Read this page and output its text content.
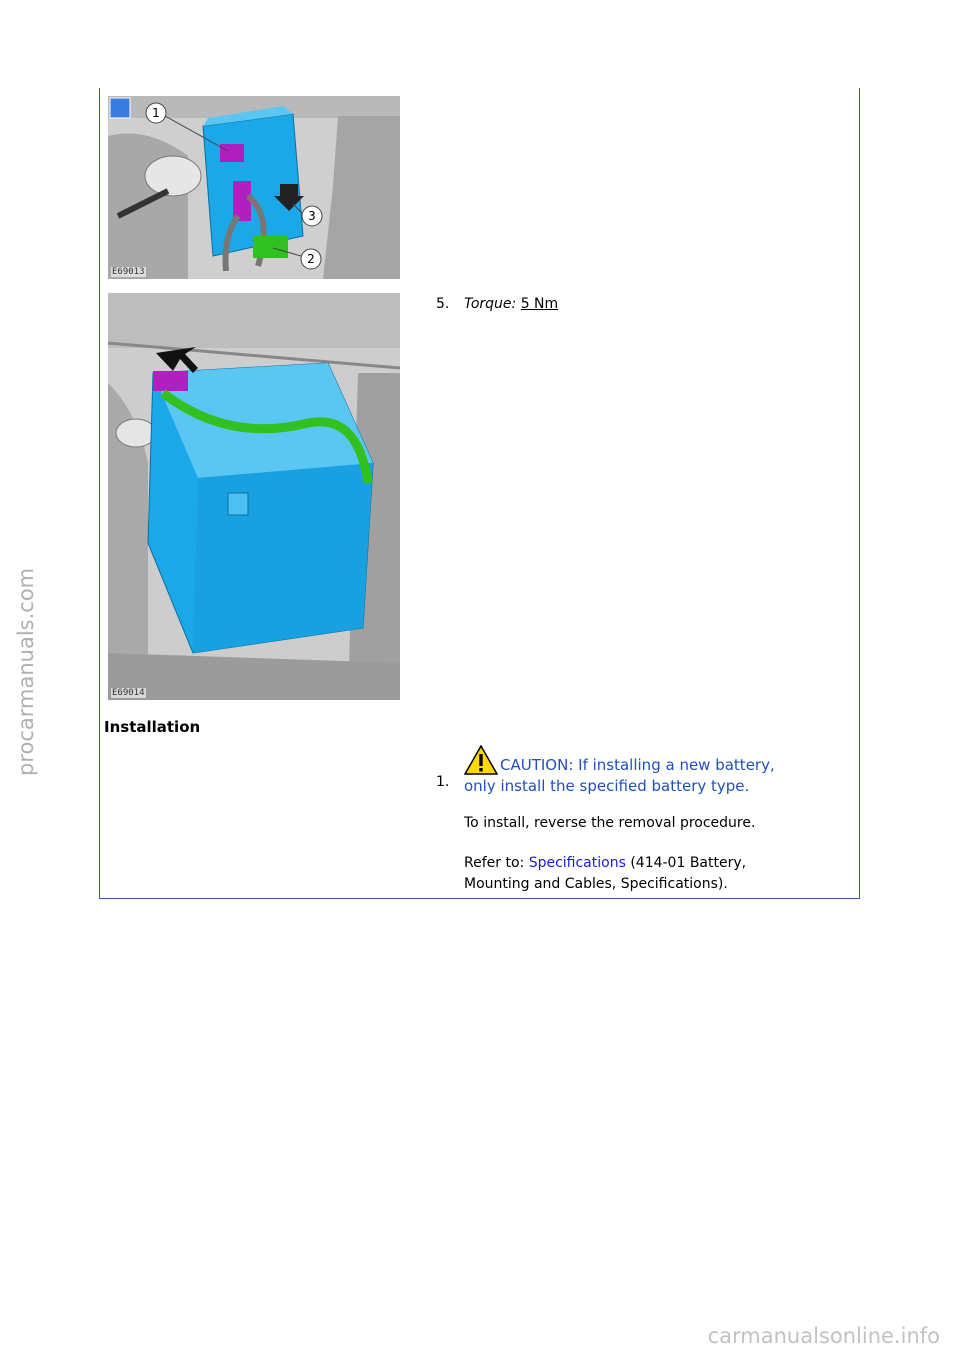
1
2
3
E69013
E69014
5. Torque: 5 Nm
Installation
1.
CAUTION: If installing a new battery,
only install the specified battery type.
To install, reverse the removal procedure.
Refer to: Specifications (414-01 Battery,
Mounting and Cables, Specifications).
procarmanuals.com
carmanualsonline.info
